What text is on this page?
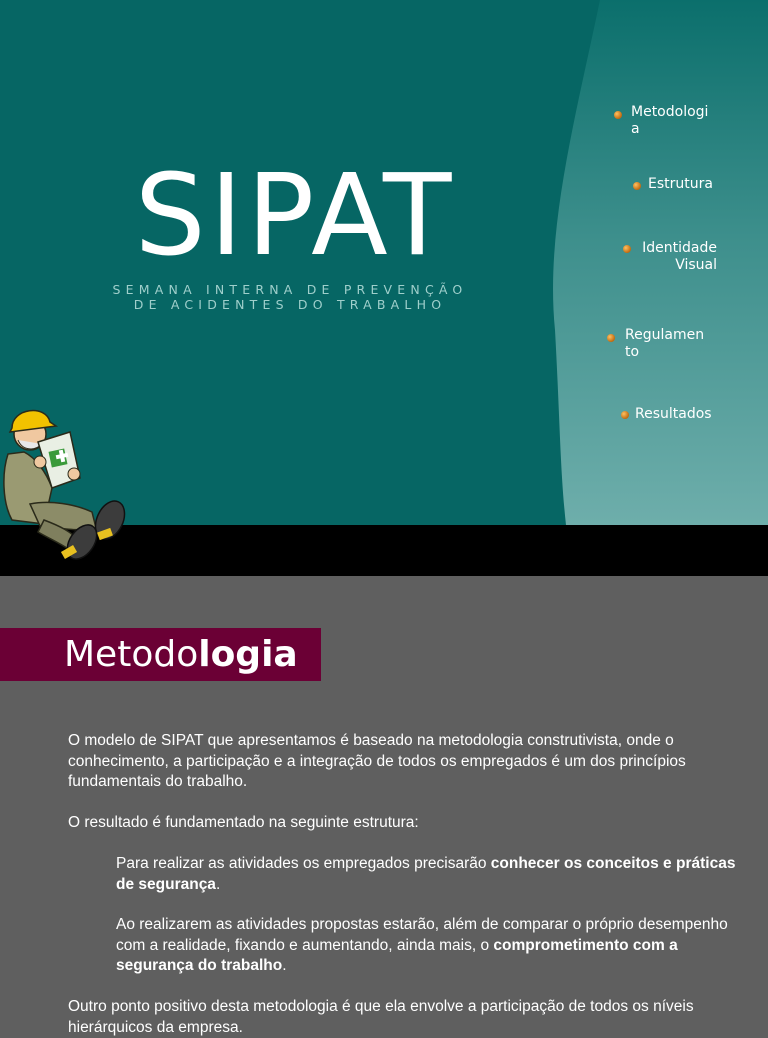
SIPAT
SEMANA INTERNA DE PREVENÇÃO
DE ACIDENTES DO TRABALHO
Metodologi
a
Estrutura
Identidade
Visual
Regulamen
to
Resultados
Metodologia
O modelo de SIPAT que apresentamos é baseado na metodologia construtivista, onde o conhecimento, a participação e a integração de todos os empregados é um dos princípios fundamentais do trabalho.
O resultado é fundamentado na seguinte estrutura:
Para realizar as atividades os empregados precisarão conhecer os conceitos e práticas de segurança.
Ao realizarem as atividades propostas estarão, além de comparar o próprio desempenho com a realidade, fixando e aumentando, ainda mais, o comprometimento com a segurança do trabalho.
Outro ponto positivo desta metodologia é que ela envolve a participação de todos os níveis hierárquicos da empresa.
